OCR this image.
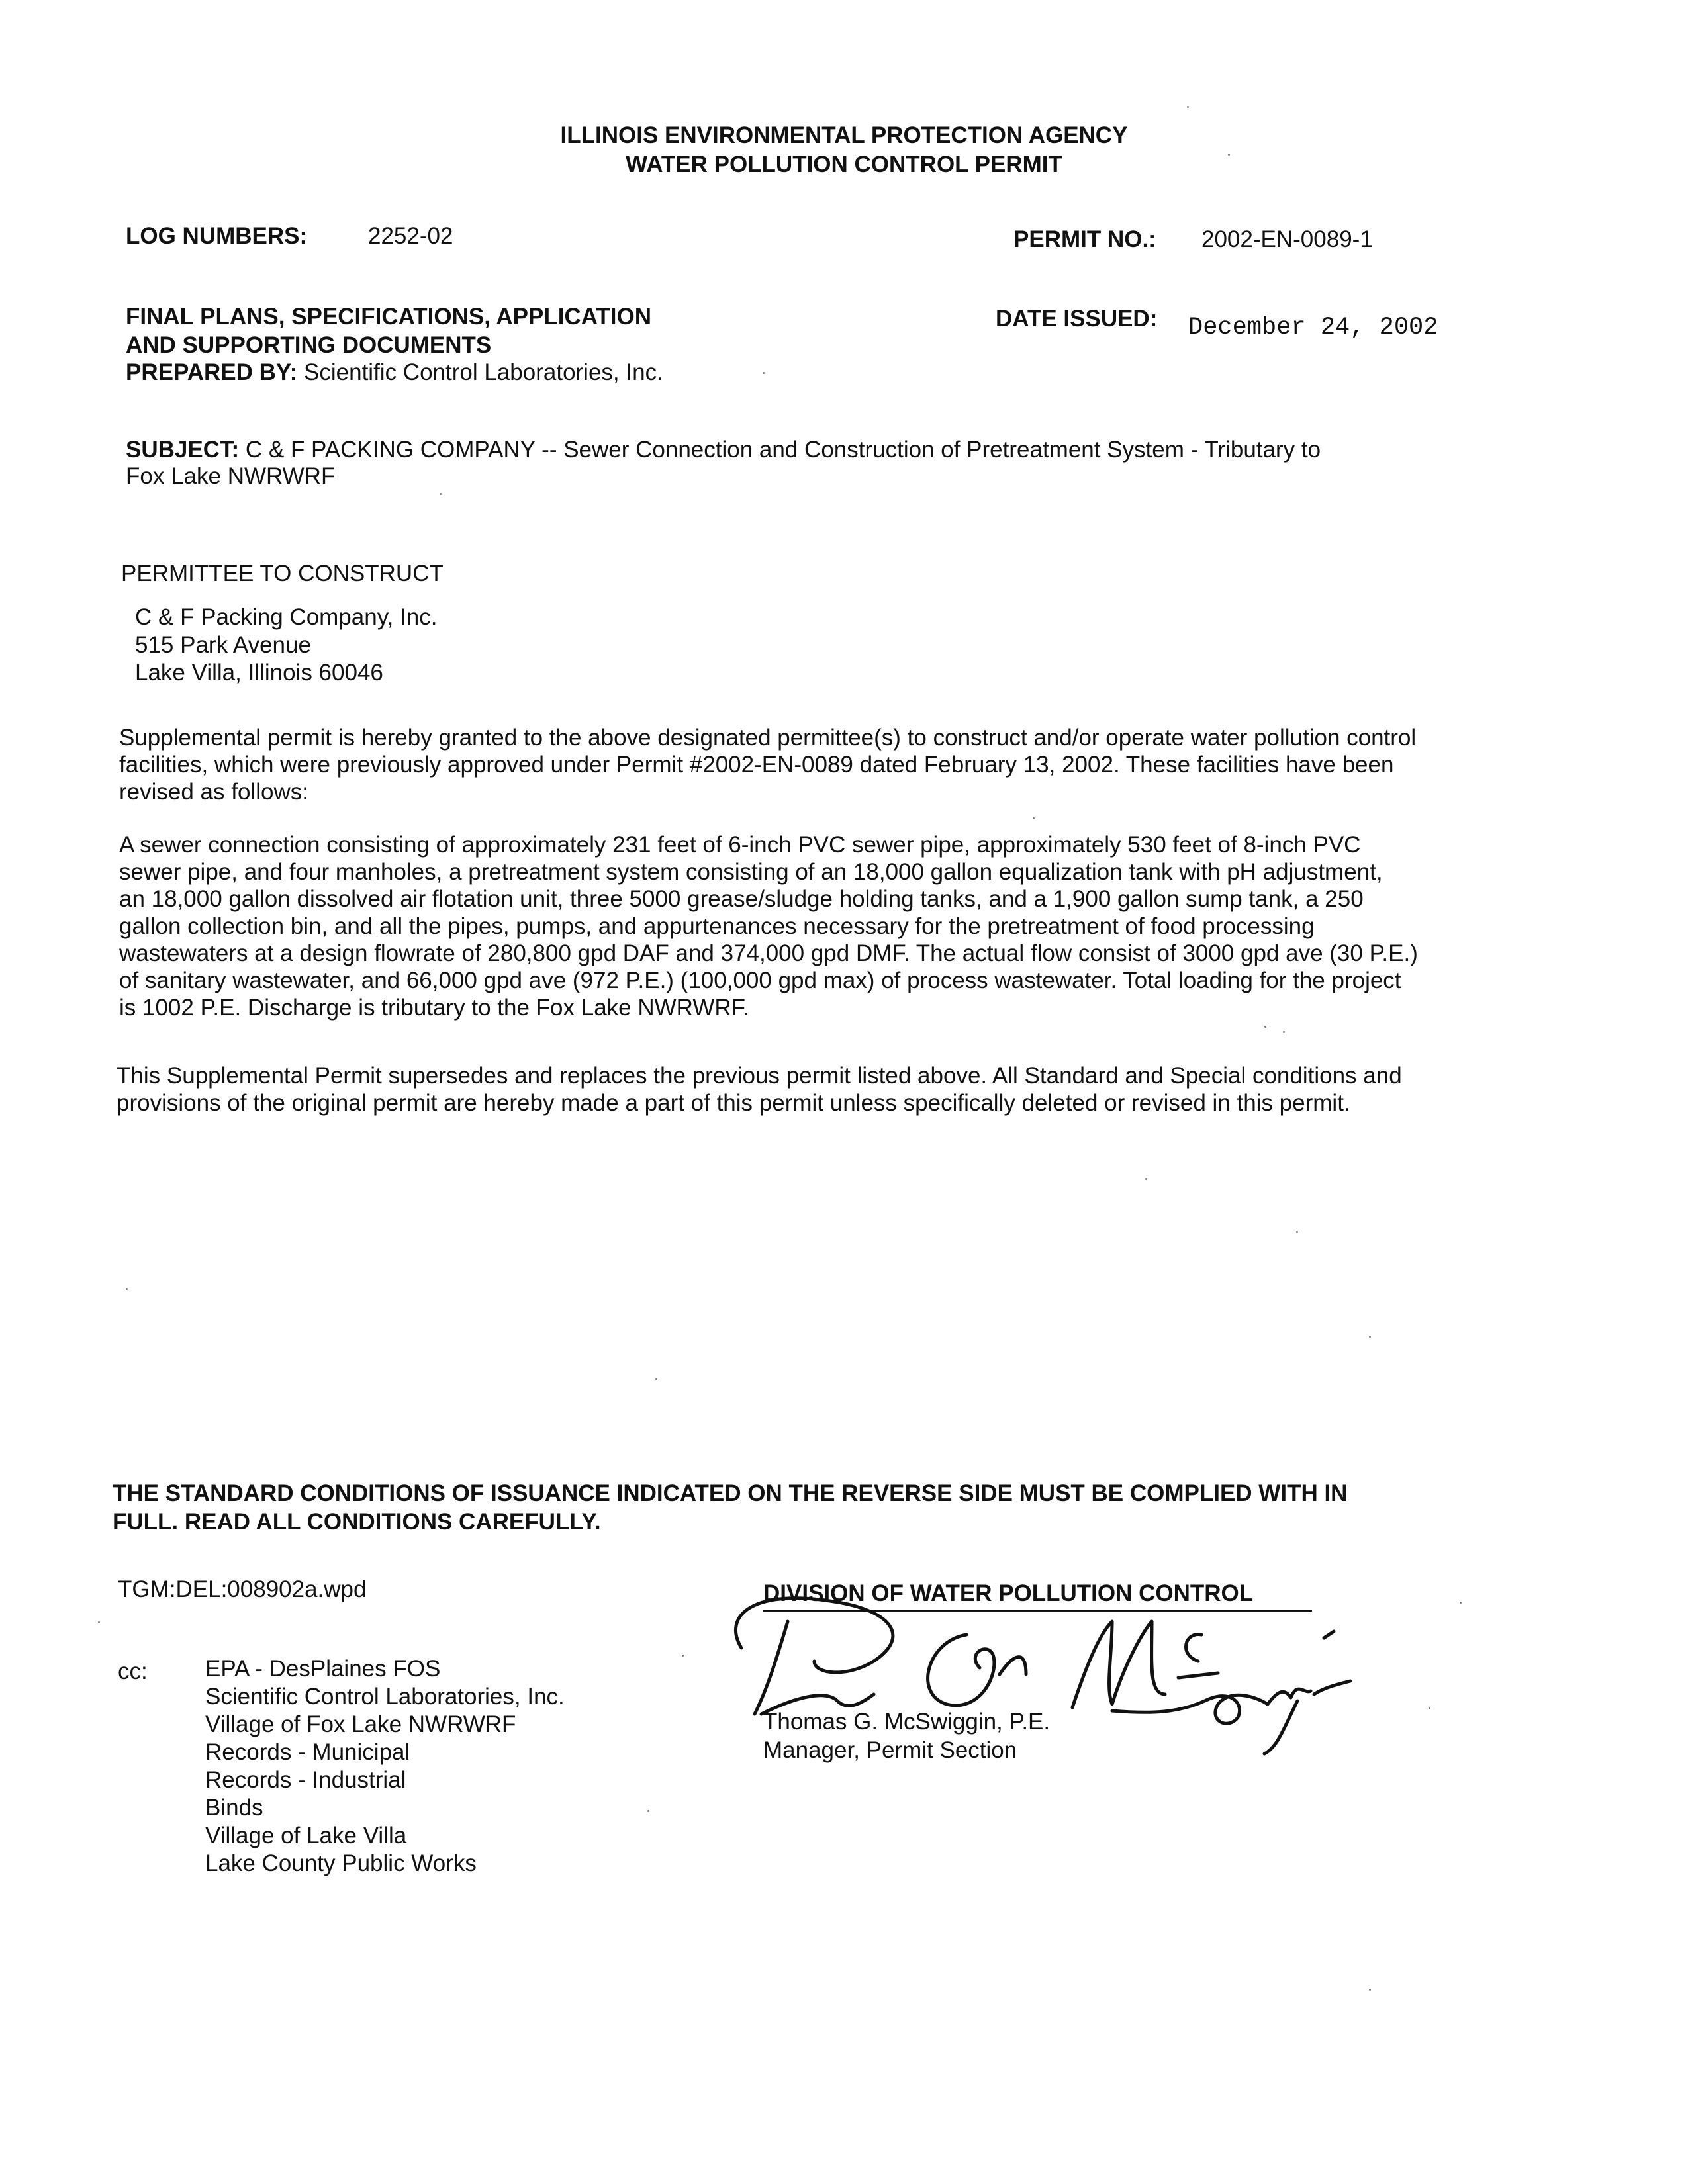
ILLINOIS ENVIRONMENTAL PROTECTION AGENCY
WATER POLLUTION CONTROL PERMIT
LOG NUMBERS:	2252-02	PERMIT NO.: 2002-EN-0089-1
FINAL PLANS, SPECIFICATIONS, APPLICATION
AND SUPPORTING DOCUMENTS
PREPARED BY: Scientific Control Laboratories, Inc.
DATE ISSUED: December 24, 2002
SUBJECT: C & F PACKING COMPANY -- Sewer Connection and Construction of Pretreatment System - Tributary to
Fox Lake NWRWRF
PERMITTEE TO CONSTRUCT
C & F Packing Company, Inc.
515 Park Avenue
Lake Villa, Illinois 60046
Supplemental permit is hereby granted to the above designated permittee(s) to construct and/or operate water pollution control
facilities, which were previously approved under Permit #2002-EN-0089 dated February 13, 2002. These facilities have been
revised as follows:
A sewer connection consisting of approximately 231 feet of 6-inch PVC sewer pipe, approximately 530 feet of 8-inch PVC
sewer pipe, and four manholes, a pretreatment system consisting of an 18,000 gallon equalization tank with pH adjustment,
an 18,000 gallon dissolved air flotation unit, three 5000 grease/sludge holding tanks, and a 1,900 gallon sump tank, a 250
gallon collection bin, and all the pipes, pumps, and appurtenances necessary for the pretreatment of food processing
wastewaters at a design flowrate of 280,800 gpd DAF and 374,000 gpd DMF. The actual flow consist of 3000 gpd ave (30 P.E.)
of sanitary wastewater, and 66,000 gpd ave (972 P.E.) (100,000 gpd max) of process wastewater. Total loading for the project
is 1002 P.E. Discharge is tributary to the Fox Lake NWRWRF.
This Supplemental Permit supersedes and replaces the previous permit listed above. All Standard and Special conditions and
provisions of the original permit are hereby made a part of this permit unless specifically deleted or revised in this permit.
THE STANDARD CONDITIONS OF ISSUANCE INDICATED ON THE REVERSE SIDE MUST BE COMPLIED WITH IN
FULL. READ ALL CONDITIONS CAREFULLY.
TGM:DEL:008902a.wpd
cc: EPA - DesPlaines FOS
Scientific Control Laboratories, Inc.
Village of Fox Lake NWRWRF
Records - Municipal
Records - Industrial
Binds
Village of Lake Villa
Lake County Public Works
DIVISION OF WATER POLLUTION CONTROL
Thomas G. McSwiggin, P.E.
Manager, Permit Section
